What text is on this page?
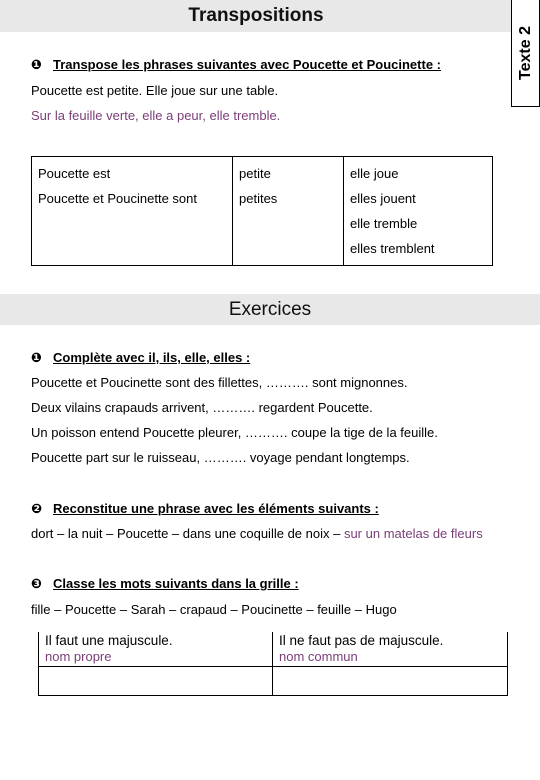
Transpositions
Texte 2
❶ Transpose les phrases suivantes avec Poucette et Poucinette :
Poucette est petite. Elle joue sur une table.
Sur la feuille verte, elle a peur, elle tremble.
Poucette est
Poucette et Poucinette sont

petite
petites

elle joue
elles jouent
elle tremble
elles tremblent
Exercices
❶ Complète avec il, ils, elle, elles :
Poucette et Poucinette sont des fillettes, ………. sont mignonnes.
Deux vilains crapauds arrivent, ………. regardent Poucette.
Un poisson entend Poucette pleurer, ………. coupe la tige de la feuille.
Poucette part sur le ruisseau, ………. voyage pendant longtemps.
❷ Reconstitue une phrase avec les éléments suivants :
dort – la nuit – Poucette – dans une coquille de noix – sur un matelas de fleurs
❸ Classe les mots suivants dans la grille :
fille – Poucette – Sarah – crapaud – Poucinette – feuille – Hugo
Il faut une majuscule.
nom propre
Il ne faut pas de majuscule.
nom commun
